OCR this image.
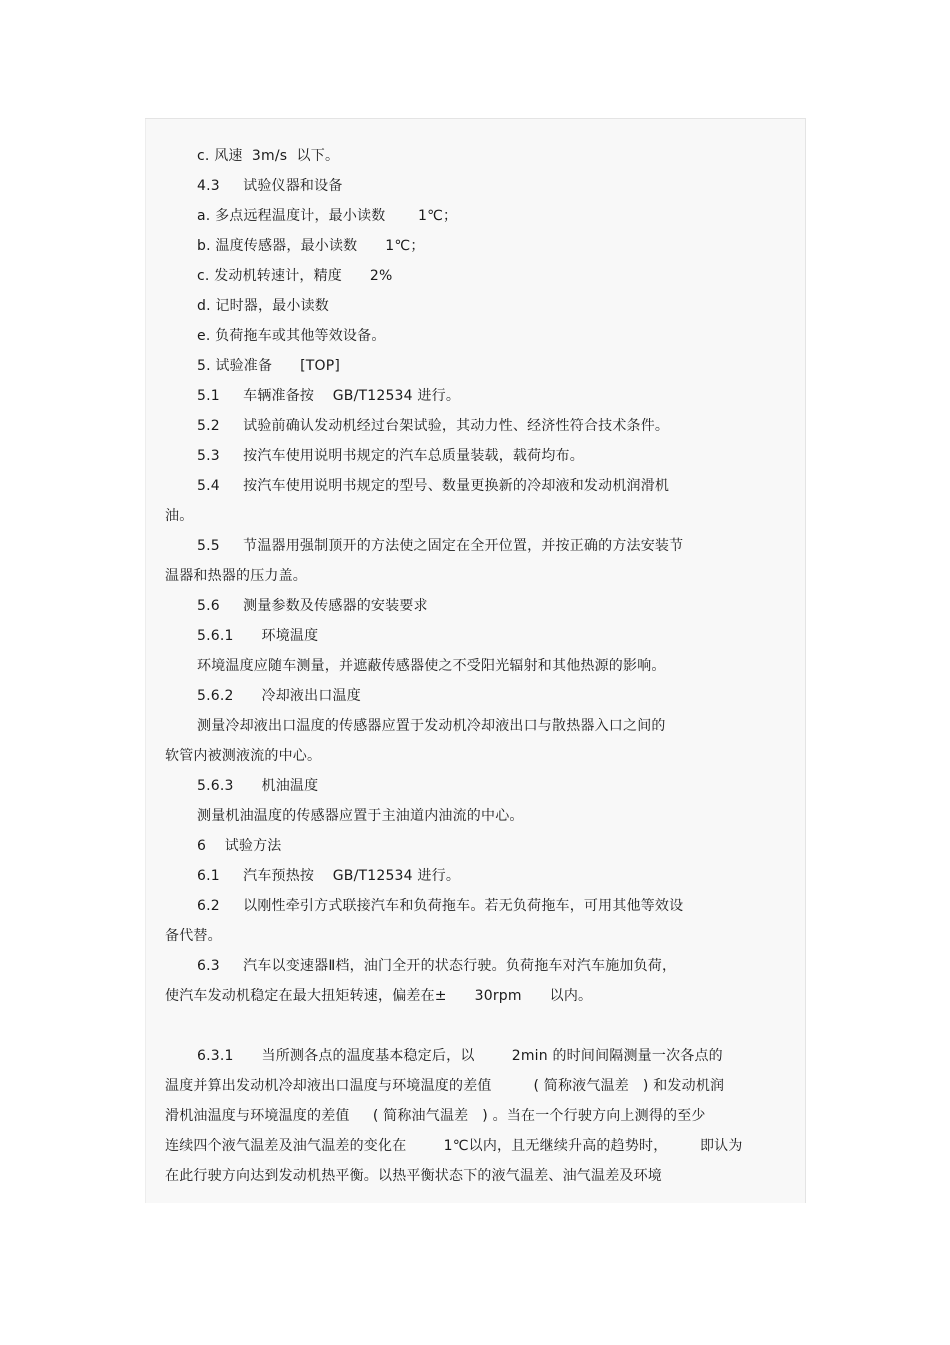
c. 风速  3m/s  以下。
4.3     试验仪器和设备
a. 多点远程温度计，最小读数       1℃；
b. 温度传感器，最小读数      1℃；
c. 发动机转速计，精度      2%
d. 记时器，最小读数
e. 负荷拖车或其他等效设备。
5. 试验准备      [TOP]
5.1     车辆准备按    GB/T12534 进行。
5.2     试验前确认发动机经过台架试验，其动力性、经济性符合技术条件。
5.3     按汽车使用说明书规定的汽车总质量装载，载荷均布。
5.4     按汽车使用说明书规定的型号、数量更换新的冷却液和发动机润滑机
油。
5.5     节温器用强制顶开的方法使之固定在全开位置，并按正确的方法安装节
温器和热器的压力盖。
5.6     测量参数及传感器的安装要求
5.6.1      环境温度
环境温度应随车测量，并遮蔽传感器使之不受阳光辐射和其他热源的影响。
5.6.2      冷却液出口温度
测量冷却液出口温度的传感器应置于发动机冷却液出口与散热器入口之间的
软管内被测液流的中心。
5.6.3      机油温度
测量机油温度的传感器应置于主油道内油流的中心。
6    试验方法
6.1     汽车预热按    GB/T12534 进行。
6.2     以刚性牵引方式联接汽车和负荷拖车。若无负荷拖车，可用其他等效设
备代替。
6.3     汽车以变速器Ⅱ档，油门全开的状态行驶。负荷拖车对汽车施加负荷，
使汽车发动机稳定在最大扭矩转速，偏差在±      30rpm      以内。
6.3.1      当所测各点的温度基本稳定后，以        2min 的时间间隔测量一次各点的
温度并算出发动机冷却液出口温度与环境温度的差值         ( 简称液气温差   ) 和发动机润
滑机油温度与环境温度的差值     ( 简称油气温差   ) 。当在一个行驶方向上测得的至少
连续四个液气温差及油气温差的变化在        1℃以内，且无继续升高的趋势时，       即认为
在此行驶方向达到发动机热平衡。以热平衡状态下的液气温差、油气温差及环境
